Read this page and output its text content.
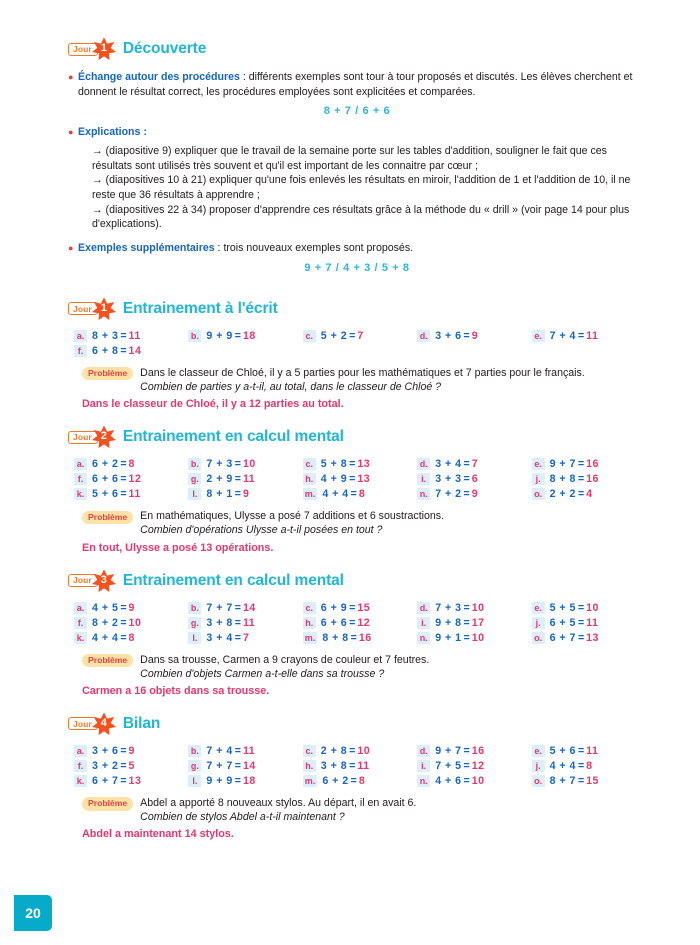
Jour 1 Découverte
● Échange autour des procédures : différents exemples sont tour à tour proposés et discutés. Les élèves cherchent et donnent le résultat correct, les procédures employées sont explicitées et comparées.
8 + 7 / 6 + 6
● Explications :
→ (diapositive 9) expliquer que le travail de la semaine porte sur les tables d'addition, souligner le fait que ces résultats sont utilisés très souvent et qu'il est important de les connaitre par cœur ;
→ (diapositives 10 à 21) expliquer qu'une fois enlevés les résultats en miroir, l'addition de 1 et l'addition de 10, il ne reste que 36 résultats à apprendre ;
→ (diapositives 22 à 34) proposer d'apprendre ces résultats grâce à la méthode du « drill » (voir page 14 pour plus d'explications).
● Exemples supplémentaires : trois nouveaux exemples sont proposés.
9 + 7 / 4 + 3 / 5 + 8
Jour 1 Entrainement à l'écrit
a. 8 + 3 = 11	b. 9 + 9 = 18	c. 5 + 2 = 7	d. 3 + 6 = 9	e. 7 + 4 = 11
f. 6 + 8 = 14
Problème	Dans le classeur de Chloé, il y a 5 parties pour les mathématiques et 7 parties pour le français.
Combien de parties y a-t-il, au total, dans le classeur de Chloé ?
Dans le classeur de Chloé, il y a 12 parties au total.
Jour 2 Entrainement en calcul mental
a. 6 + 2 = 8	b. 7 + 3 = 10	c. 5 + 8 = 13	d. 3 + 4 = 7	e. 9 + 7 = 16
f. 6 + 6 = 12	g. 2 + 9 = 11	h. 4 + 9 = 13	i. 3 + 3 = 6	j. 8 + 8 = 16
k. 5 + 6 = 11	l. 8 + 1 = 9	m. 4 + 4 = 8	n. 7 + 2 = 9	o. 2 + 2 = 4
Problème	En mathématiques, Ulysse a posé 7 additions et 6 soustractions.
Combien d'opérations Ulysse a-t-il posées en tout ?
En tout, Ulysse a posé 13 opérations.
Jour 3 Entrainement en calcul mental
a. 4 + 5 = 9	b. 7 + 7 = 14	c. 6 + 9 = 15	d. 7 + 3 = 10	e. 5 + 5 = 10
f. 8 + 2 = 10	g. 3 + 8 = 11	h. 6 + 6 = 12	i. 9 + 8 = 17	j. 6 + 5 = 11
k. 4 + 4 = 8	l. 3 + 4 = 7	m. 8 + 8 = 16	n. 9 + 1 = 10	o. 6 + 7 = 13
Problème	Dans sa trousse, Carmen a 9 crayons de couleur et 7 feutres.
Combien d'objets Carmen a-t-elle dans sa trousse ?
Carmen a 16 objets dans sa trousse.
Jour 4 Bilan
a. 3 + 6 = 9	b. 7 + 4 = 11	c. 2 + 8 = 10	d. 9 + 7 = 16	e. 5 + 6 = 11
f. 3 + 2 = 5	g. 7 + 7 = 14	h. 3 + 8 = 11	i. 7 + 5 = 12	j. 4 + 4 = 8
k. 6 + 7 = 13	l. 9 + 9 = 18	m. 6 + 2 = 8	n. 4 + 6 = 10	o. 8 + 7 = 15
Problème	Abdel a apporté 8 nouveaux stylos. Au départ, il en avait 6.
Combien de stylos Abdel a-t-il maintenant ?
Abdel a maintenant 14 stylos.
20
